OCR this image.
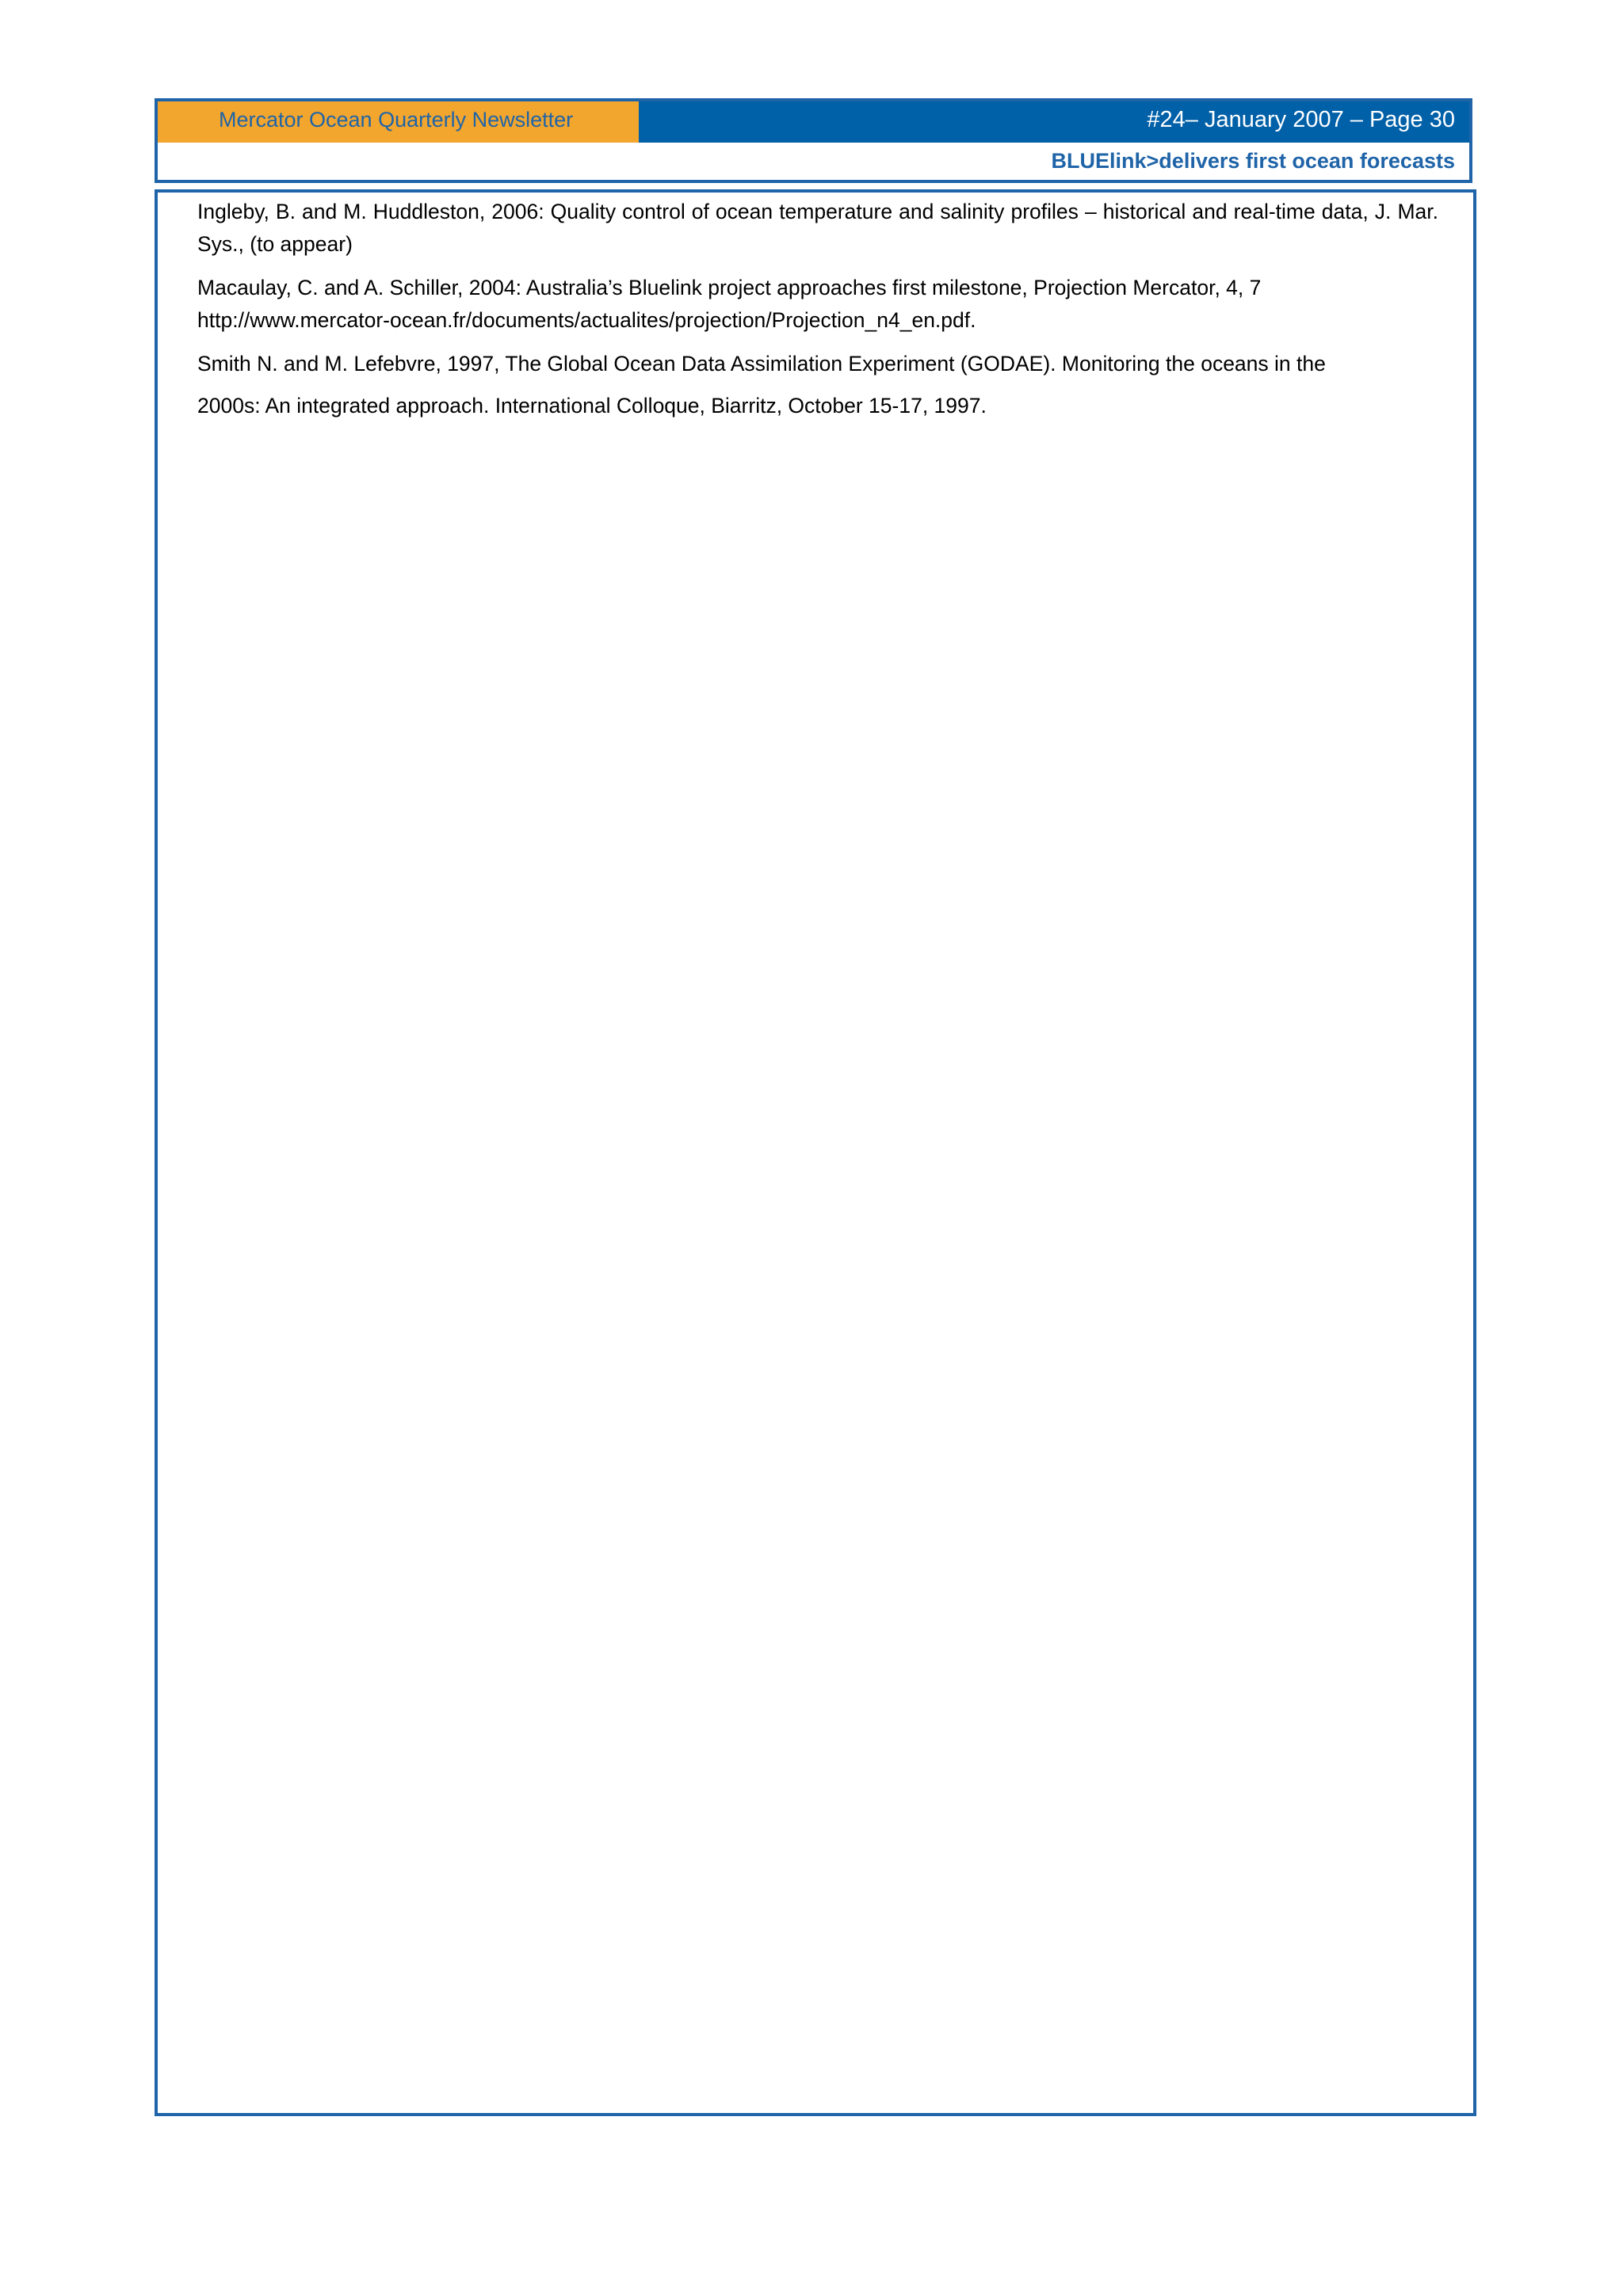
Mercator Ocean Quarterly Newsletter	#24– January 2007 – Page 30
BLUElink>delivers first ocean forecasts

Ingleby, B. and M. Huddleston, 2006: Quality control of ocean temperature and salinity profiles – historical and real-time data, J. Mar. Sys., (to appear)

Macaulay, C. and A. Schiller, 2004: Australia’s Bluelink project approaches first milestone, Projection Mercator, 4, 7
http://www.mercator-ocean.fr/documents/actualites/projection/Projection_n4_en.pdf.

Smith N. and M. Lefebvre, 1997, The Global Ocean Data Assimilation Experiment (GODAE). Monitoring the oceans in the

2000s: An integrated approach. International Colloque, Biarritz, October 15-17, 1997.
